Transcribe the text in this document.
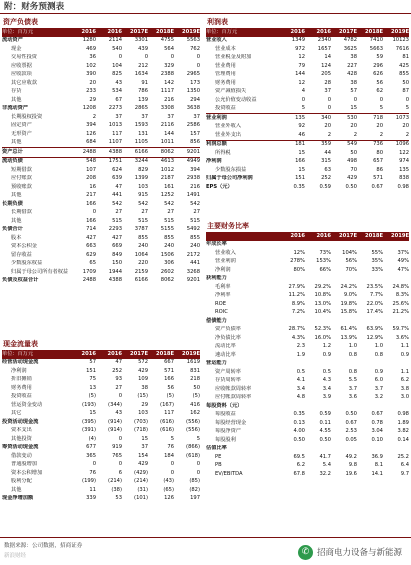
附：财务预测表
资产负债表
单位：百万元	2016	2016	2017E	2018E	2019E
流动资产	1280	2114	3301	4755	5563
现金	469	540	439	564	762
交易性投资	36	0	0	0	0
应收票据	102	104	212	329	0
应收款项	390	825	1634	2388	2965
其它应收款	20	43	91	142	173
存货	233	534	786	1117	1350
其他	29	67	139	216	294
非流动资产	1208	2273	2865	3308	3638
长期股权投资	2	37	37	37	37
固定资产	394	1013	1593	2116	2586
无形资产	126	117	131	144	157
其他	684	1107	1105	1011	856
资产总计	2488	4388	6166	8062	9201
流动负债	548	1751	3244	4613	4949
短期借款	107	624	829	1012	394
应付账款	208	639	1399	2187	2938
预收账款	16	47	103	161	216
其他	217	441	915	1252	1491
长期负债	166	542	542	542	542
长期借款	0	27	27	27	27
其他	166	515	515	515	515
负债合计	714	2293	3787	5155	5492
股本	427	427	855	855	855
资本公积金	663	669	240	240	240
留存收益	629	849	1064	1506	2172
少数股东权益	65	150	220	306	441
归属于母公司所有者权益	1709	1944	2159	2602	3268
负债及权益合计	2488	4388	6166	8062	9201
现金流量表
单位：百万元	2016	2016	2017E	2018E	2019E
经营活动现金流	57	47	572	667	1619
净利润	151	252	429	571	831
折旧摊销	75	93	109	166	218
财务费用	13	27	38	56	50
投资收益	(5)	0	(15)	(5)	(5)
营运资金变动	(193)	(344)	29	(167)	416
其它	15	43	103	117	162
投资活动现金流	(395)	(914)	(703)	(616)	(556)
资本支出	(391)	(914)	(718)	(616)	(556)
其他投资	(4)	0	15	5	5
筹资活动现金流	677	919	37	76	(866)
借款变动	365	765	154	184	(618)
普通股增加	0	0	429	0	0
资本公积增加	76	6	(429)	0	0
股利分配	(199)	(214)	(214)	(43)	(85)
其他	11	(38)	(31)	(65)	(82)
现金净增加额	339	53	(101)	126	197
利润表
单位：百万元	2016	2016	2017E	2018E	2019E
营业收入	1349	2340	4782	7410	10123
营业成本	972	1657	3625	5663	7616
营业税金及附加	12	14	38	59	81
营业费用	79	124	227	296	425
管理费用	144	205	428	626	855
财务费用	12	28	38	56	50
资产减值损失	4	37	57	62	87
公允价值变动收益	0	0	0	0	0
投资收益	5	0	15	5	5
营业利润	135	340	530	718	1073
营业外收入	92	20	20	20	20
营业外支出	46	2	2	2	2
利润总额	181	359	549	736	1096
所得税	15	44	50	80	122
净利润	166	315	498	657	974
少数股东损益	15	63	70	86	135
归属于母公司净利润	151	252	429	571	838
EPS（元）	0.35	0.59	0.50	0.67	0.98
主要财务比率
	2016	2016	2017E	2018E	2019E
年成长率					
营业收入	12%	73%	104%	55%	37%
营业利润	278%	153%	56%	35%	49%
净利润	80%	66%	70%	33%	47%
获利能力					
毛利率	27.9%	29.2%	24.2%	23.5%	24.8%
净利率	11.2%	10.8%	9.0%	7.7%	8.3%
ROE	8.9%	13.0%	19.8%	22.0%	25.6%
ROIC	7.2%	10.4%	15.8%	17.4%	21.2%
偿债能力					
资产负债率	28.7%	52.3%	61.4%	63.9%	59.7%
净负债比率	4.3%	16.0%	13.9%	12.9%	3.6%
流动比率	2.3	1.2	1.0	1.0	1.1
速动比率	1.9	0.9	0.8	0.8	0.9
营运能力					
资产周转率	0.5	0.5	0.8	0.9	1.1
存货周转率	4.1	4.3	5.5	6.0	6.2
应收帐款周转率	3.4	3.4	3.7	3.7	3.8
应付帐款周转率	4.8	3.9	3.6	3.2	3.0
每股资料（元）					
每股收益	0.35	0.59	0.50	0.67	0.98
每股经营现金	0.13	0.11	0.67	0.78	1.89
每股净资产	4.00	4.55	2.53	3.04	3.82
每股股利	0.50	0.50	0.05	0.10	0.14
估值比率					
PE	69.5	41.7	49.2	36.9	25.2
PB	6.2	5.4	9.8	8.1	6.4
EV/EBITDA	67.8	32.2	19.6	14.1	9.7
数据来源：公司数据，招商证券
新浪财经	✆ 招商电力设备与新能源
